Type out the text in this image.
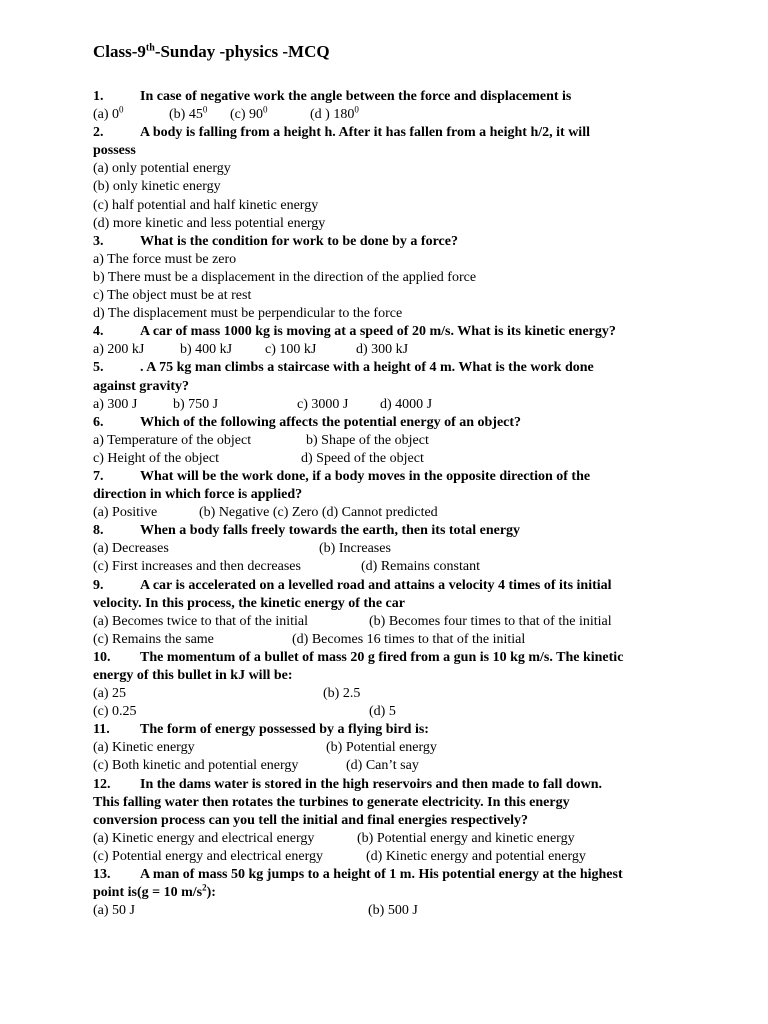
Class-9th-Sunday -physics -MCQ
1.	In case of negative work the angle between the force and displacement is
(a) $0^0$	(b) $45^0$ (c) $90^0$	(d ) $180^0$
2.	A body is falling from a height h. After it has fallen from a height h/2, it will
possess
(a) only potential energy
(b) only kinetic energy
(c) half potential and half kinetic energy
(d) more kinetic and less potential energy
3.	What is the condition for work to be done by a force?
a) The force must be zero
b) There must be a displacement in the direction of the applied force
c) The object must be at rest
d) The displacement must be perpendicular to the force
4.	A car of mass 1000 kg is moving at a speed of 20 m/s. What is its kinetic energy?
a) 200 kJ	b) 400 kJ c) 100 kJ	d) 300 kJ
5.	. A 75 kg man climbs a staircase with a height of 4 m. What is the work done
against gravity?
a) 300 J	b) 750 J	c) 3000 J d) 4000 J
6.	Which of the following affects the potential energy of an object?
a) Temperature of the object	b) Shape of the object
c) Height of the object	d) Speed of the object
7.	What will be the work done, if a body moves in the opposite direction of the
direction in which force is applied?
(a) Positive	(b) Negative (c) Zero (d) Cannot predicted
8.	When a body falls freely towards the earth, then its total energy
(a) Decreases	(b) Increases
(c) First increases and then decreases	(d) Remains constant
9.	A car is accelerated on a levelled road and attains a velocity 4 times of its initial
velocity. In this process, the kinetic energy of the car
(a) Becomes twice to that of the initial	(b) Becomes four times to that of the initial
(c) Remains the same	(d) Becomes 16 times to that of the initial
10. The momentum of a bullet of mass 20 g fired from a gun is 10 kg m/s. The kinetic
energy of this bullet in kJ will be:
(a) 25	(b) 2.5
(c) 0.25	(d) 5
11. The form of energy possessed by a flying bird is:
(a) Kinetic energy	(b) Potential energy
(c) Both kinetic and potential energy	(d) Can’t say
12. In the dams water is stored in the high reservoirs and then made to fall down.
This falling water then rotates the turbines to generate electricity. In this energy
conversion process can you tell the initial and final energies respectively?
(a) Kinetic energy and electrical energy	(b) Potential energy and kinetic energy
(c) Potential energy and electrical energy	(d) Kinetic energy and potential energy
13. A man of mass 50 kg jumps to a height of 1 m. His potential energy at the highest
point is(g = 10 $m/s^2$):
(a) 50 J	(b) 500 J
